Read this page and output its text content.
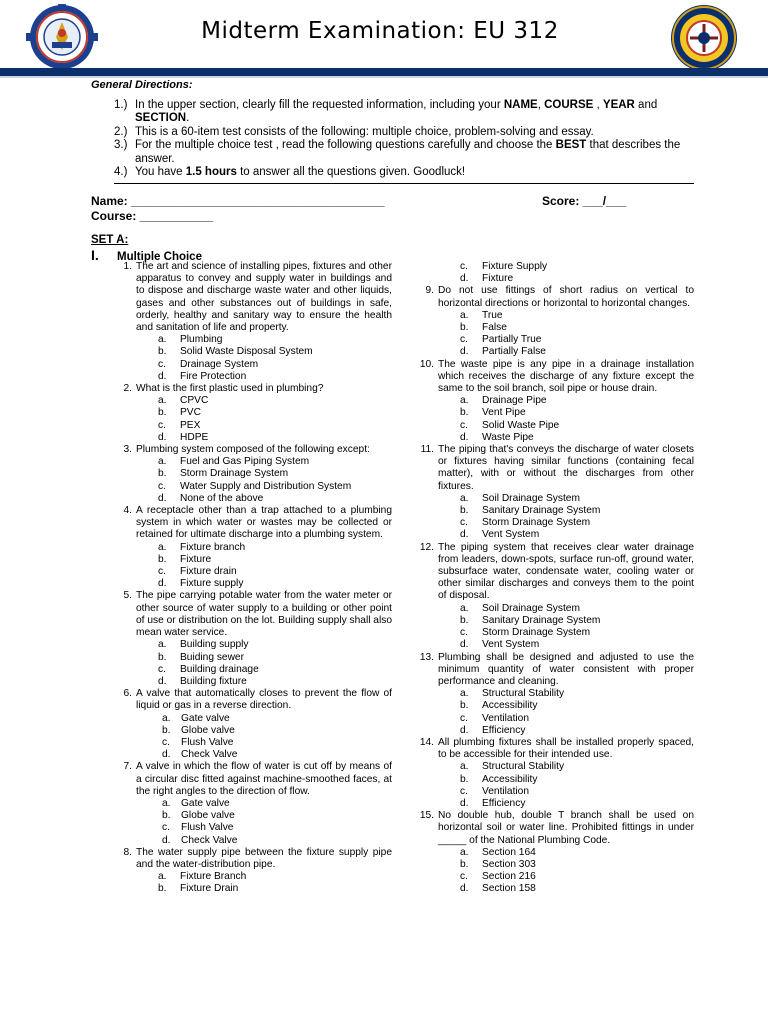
Midterm Examination: EU 312
General Directions:
1.) In the upper section, clearly fill the requested information, including your NAME, COURSE , YEAR and SECTION.
2.) This is a 60-item test consists of the following: multiple choice, problem-solving and essay.
3.) For the multiple choice test , read the following questions carefully and choose the BEST that describes the answer.
4.) You have 1.5 hours to answer all the questions given. Goodluck!
Name: ______________________________________	Score: ___/___
Course: ___________
SET A:
I. Multiple Choice
1. The art and science of installing pipes, fixtures and other apparatus to convey and supply water in buildings and to dispose and discharge waste water and other liquids, gases and other substances out of buildings in safe, orderly, healthy and sanitary way to ensure the health and sanitation of life and property.
a. Plumbing
b. Solid Waste Disposal System
c. Drainage System
d. Fire Protection
2. What is the first plastic used in plumbing?
a. CPVC
b. PVC
c. PEX
d. HDPE
3. Plumbing system composed of the following except:
a. Fuel and Gas Piping System
b. Storm Drainage System
c. Water Supply and Distribution System
d. None of the above
4. A receptacle other than a trap attached to a plumbing system in which water or wastes may be collected or retained for ultimate discharge into a plumbing system.
a. Fixture branch
b. Fixture
c. Fixture drain
d. Fixture supply
5. The pipe carrying potable water from the water meter or other source of water supply to a building or other point of use or distribution on the lot. Building supply shall also mean water service.
a. Building supply
b. Buiding sewer
c. Building drainage
d. Building fixture
6. A valve that automatically closes to prevent the flow of liquid or gas in a reverse direction.
a. Gate valve
b. Globe valve
c. Flush Valve
d. Check Valve
7. A valve in which the flow of water is cut off by means of a circular disc fitted against machine-smoothed faces, at the right angles to the direction of flow.
a. Gate valve
b. Globe valve
c. Flush Valve
d. Check Valve
8. The water supply pipe between the fixture supply pipe and the water-distribution pipe.
a. Fixture Branch
b. Fixture Drain
c. Fixture Supply
d. Fixture
9. Do not use fittings of short radius on vertical to horizontal directions or horizontal to horizontal changes.
a. True
b. False
c. Partially True
d. Partially False
10. The waste pipe is any pipe in a drainage installation which receives the discharge of any fixture except the same to the soil branch, soil pipe or house drain.
a. Drainage Pipe
b. Vent Pipe
c. Solid Waste Pipe
d. Waste Pipe
11. The piping that's conveys the discharge of water closets or fixtures having similar functions (containing fecal matter), with or without the discharges from other fixtures.
a. Soil Drainage System
b. Sanitary Drainage System
c. Storm Drainage System
d. Vent System
12. The piping system that receives clear water drainage from leaders, down-spots, surface run-off, ground water, subsurface water, condensate water, cooling water or other similar discharges and conveys them to the point of disposal.
a. Soil Drainage System
b. Sanitary Drainage System
c. Storm Drainage System
d. Vent System
13. Plumbing shall be designed and adjusted to use the minimum quantity of water consistent with proper performance and cleaning.
a. Structural Stability
b. Accessibility
c. Ventilation
d. Efficiency
14. All plumbing fixtures shall be installed properly spaced, to be accessible for their intended use.
a. Structural Stability
b. Accessibility
c. Ventilation
d. Efficiency
15. No double hub, double T branch shall be used on horizontal soil or water line. Prohibited fittings in under _____ of the National Plumbing Code.
a. Section 164
b. Section 303
c. Section 216
d. Section 158
